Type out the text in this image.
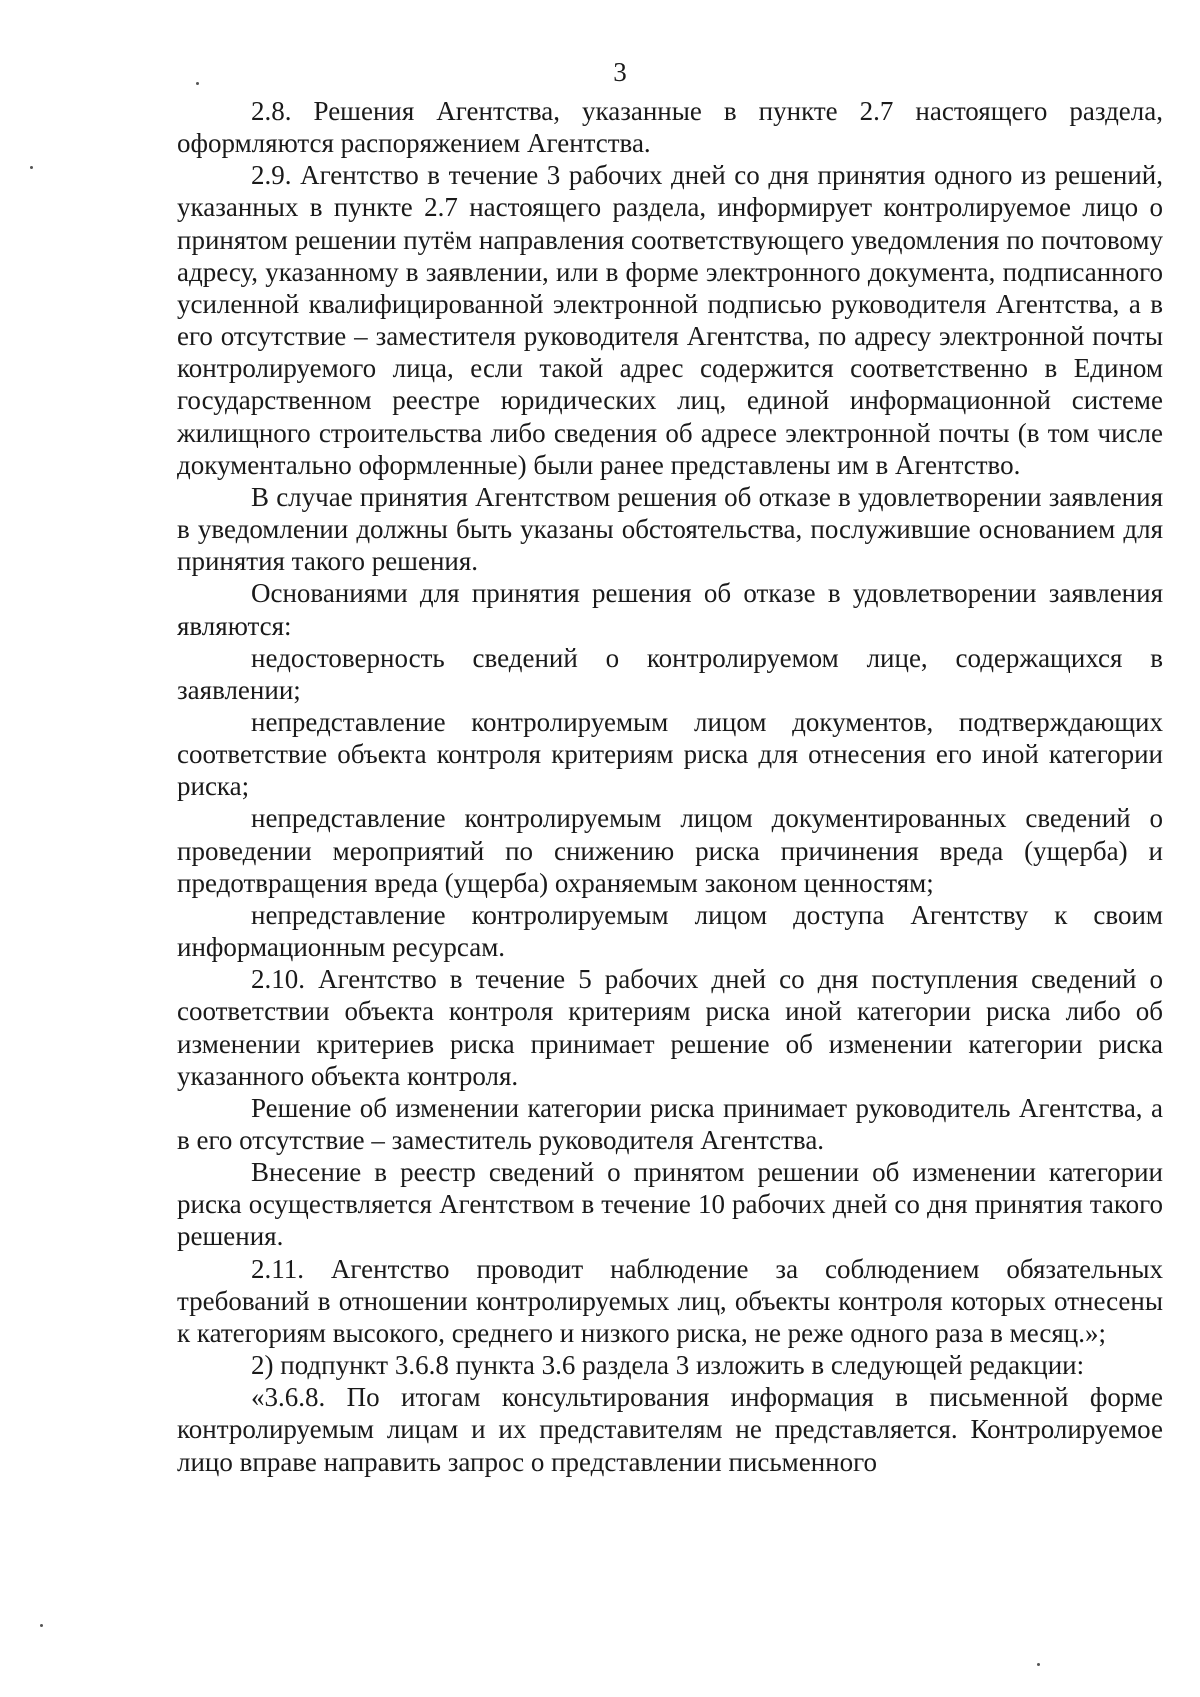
3

2.8. Решения Агентства, указанные в пункте 2.7 настоящего раздела, оформляются распоряжением Агентства.

2.9. Агентство в течение 3 рабочих дней со дня принятия одного из решений, указанных в пункте 2.7 настоящего раздела, информирует контролируемое лицо о принятом решении путём направления соответствующего уведомления по почтовому адресу, указанному в заявлении, или в форме электронного документа, подписанного усиленной квалифицированной электронной подписью руководителя Агентства, а в его отсутствие – заместителя руководителя Агентства, по адресу электронной почты контролируемого лица, если такой адрес содержится соответственно в Едином государственном реестре юридических лиц, единой информационной системе жилищного строительства либо сведения об адресе электронной почты (в том числе документально оформленные) были ранее представлены им в Агентство.

В случае принятия Агентством решения об отказе в удовлетворении заявления в уведомлении должны быть указаны обстоятельства, послужившие основанием для принятия такого решения.

Основаниями для принятия решения об отказе в удовлетворении заявления являются:

недостоверность сведений о контролируемом лице, содержащихся в заявлении;

непредставление контролируемым лицом документов, подтверждающих соответствие объекта контроля критериям риска для отнесения его иной категории риска;

непредставление контролируемым лицом документированных сведений о проведении мероприятий по снижению риска причинения вреда (ущерба) и предотвращения вреда (ущерба) охраняемым законом ценностям;

непредставление контролируемым лицом доступа Агентству к своим информационным ресурсам.

2.10. Агентство в течение 5 рабочих дней со дня поступления сведений о соответствии объекта контроля критериям риска иной категории риска либо об изменении критериев риска принимает решение об изменении категории риска указанного объекта контроля.

Решение об изменении категории риска принимает руководитель Агентства, а в его отсутствие – заместитель руководителя Агентства.

Внесение в реестр сведений о принятом решении об изменении категории риска осуществляется Агентством в течение 10 рабочих дней со дня принятия такого решения.

2.11. Агентство проводит наблюдение за соблюдением обязательных требований в отношении контролируемых лиц, объекты контроля которых отнесены к категориям высокого, среднего и низкого риска, не реже одного раза в месяц.»;

2) подпункт 3.6.8 пункта 3.6 раздела 3 изложить в следующей редакции:

«3.6.8. По итогам консультирования информация в письменной форме контролируемым лицам и их представителям не представляется. Контролируемое лицо вправе направить запрос о представлении письменного
